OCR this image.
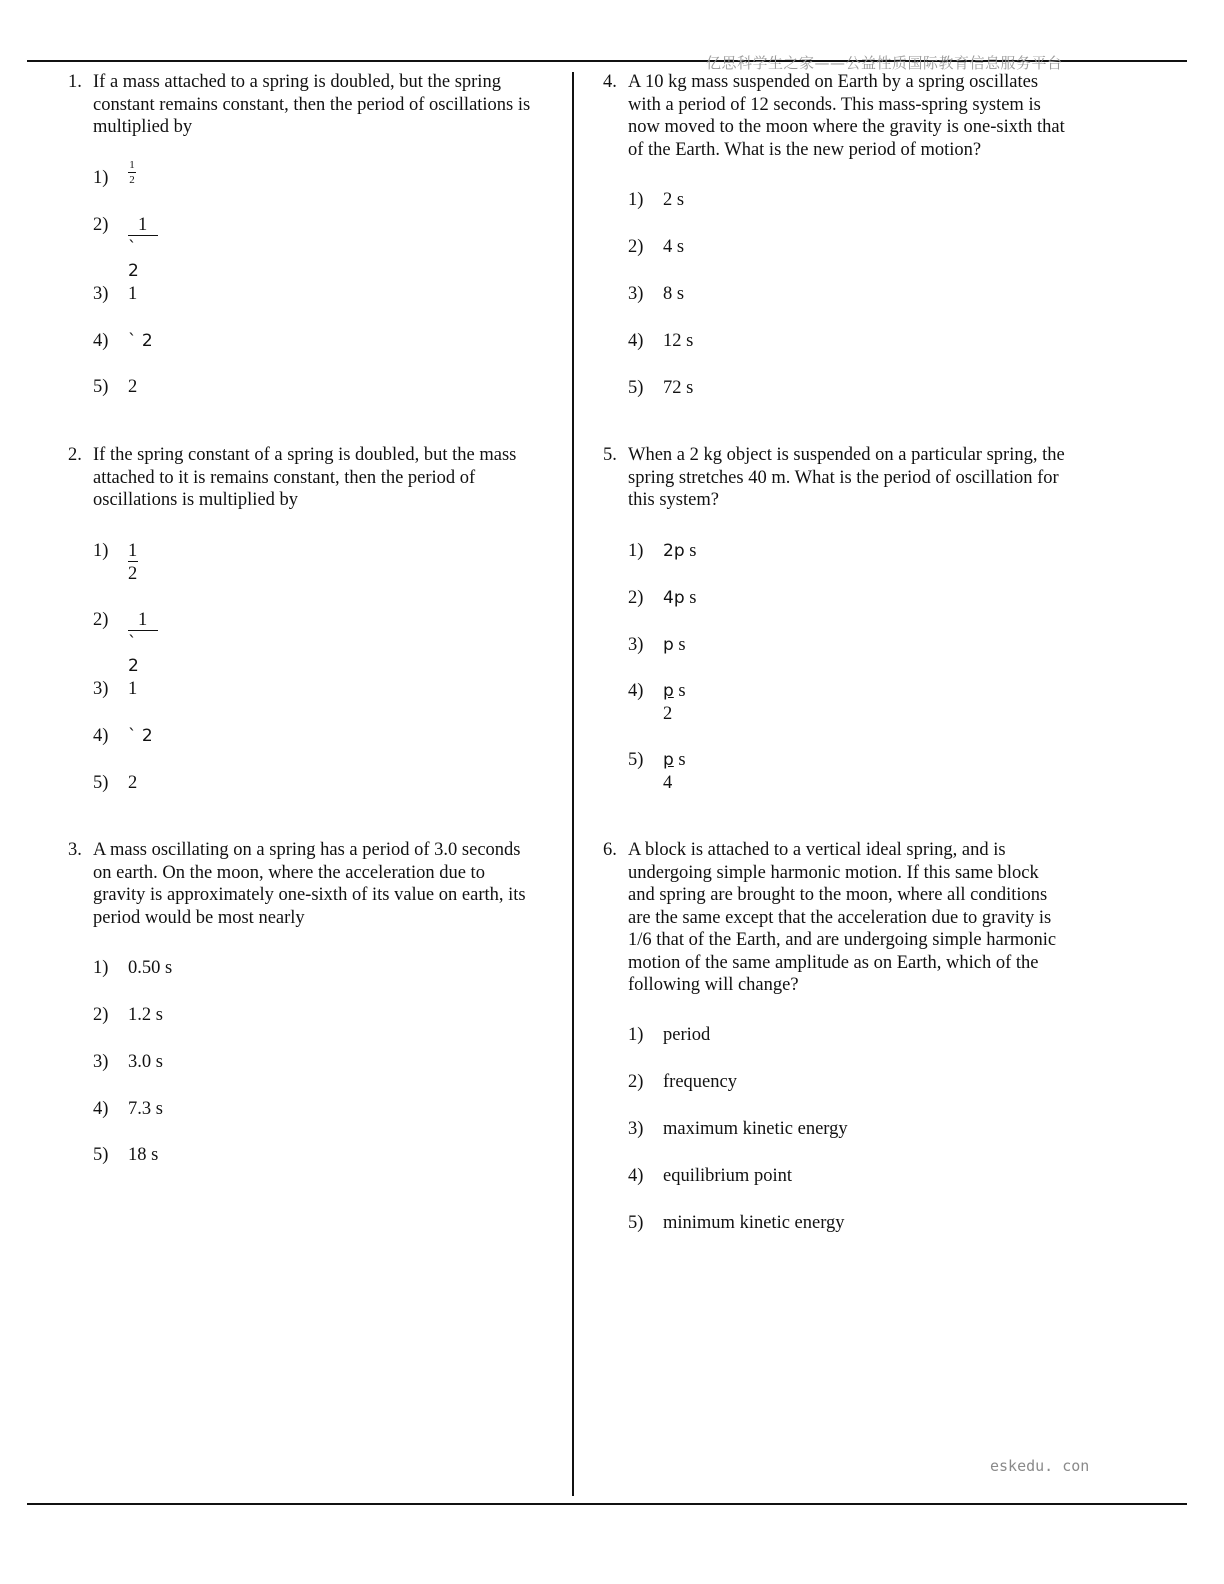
亿思科学生之家——公益性质国际教育信息服务平台
eskedu. con
1. If a mass attached to a spring is doubled, but the spring
constant remains constant, then the period of oscillations is
multiplied by
1)
1
2
2) 1
` 2
3) 1
4) ` 2
5) 2
2. If the spring constant of a spring is doubled, but the mass
attached to it is remains constant, then the period of
oscillations is multiplied by
1) 1
2
2) 1
` 2
3) 1
4) ` 2
5) 2
3. A mass oscillating on a spring has a period of 3.0 seconds
on earth. On the moon, where the acceleration due to
gravity is approximately one-sixth of its value on earth, its
period would be most nearly
1) 0.50 s
2) 1.2 s
3) 3.0 s
4) 7.3 s
5) 18 s
4. A 10 kg mass suspended on Earth by a spring oscillates
with a period of 12 seconds. This mass-spring system is
now moved to the moon where the gravity is one-sixth that
of the Earth. What is the new period of motion?
1) 2 s
2) 4 s
3) 8 s
4) 12 s
5) 72 s
5. When a 2 kg object is suspended on a particular spring, the
spring stretches 40 m. What is the period of oscillation for
this system?
1) 2p s
2) 4p s
3) p s
4) p s
2
5) p s
4
6. A block is attached to a vertical ideal spring, and is
undergoing simple harmonic motion. If this same block
and spring are brought to the moon, where all conditions
are the same except that the acceleration due to gravity is
1/6 that of the Earth, and are undergoing simple harmonic
motion of the same amplitude as on Earth, which of the
following will change?
1) period
2) frequency
3) maximum kinetic energy
4) equilibrium point
5) minimum kinetic energy
